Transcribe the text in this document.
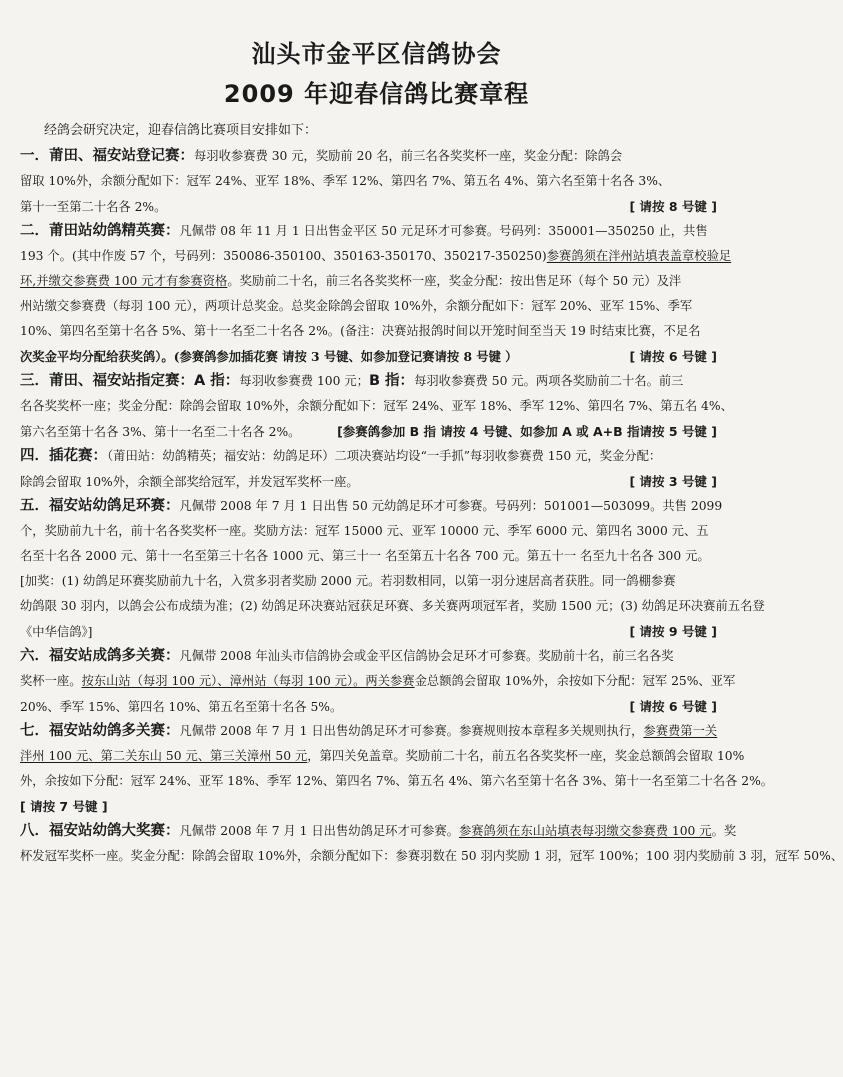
汕头市金平区信鸽协会
2009 年迎春信鸽比赛章程

经鸽会研究决定，迎春信鸽比赛项目安排如下：

一．莆田、福安站登记赛：每羽收参赛费 30 元，奖励前 20 名，前三名各奖奖杯一座，奖金分配：除鸽会
留取 10%外，余额分配如下：冠军 24%、亚军 18%、季军 12%、第四名 7%、第五名 4%、第六名至第十名各 3%、
第十一至第二十名各 2%。	[ 请按 8 号键 ]
二．莆田站幼鸽精英赛：凡佩带 08 年 11 月 1 日出售金平区 50 元足环才可参赛。号码列：350001—350250 止，共售
193 个。(其中作废 57 个，号码列：350086-350100、350163-350170、350217-350250)参赛鸽须在泮州站填表盖章校验足
环,并缴交参赛费 100 元才有参赛资格。奖励前二十名，前三名各奖奖杯一座，奖金分配：按出售足环（每个 50 元）及泮
州站缴交参赛费（每羽 100 元），两项计总奖金。总奖金除鸽会留取 10%外，余额分配如下：冠军 20%、亚军 15%、季军
10%、第四名至第十名各 5%、第十一名至二十名各 2%。(备注：决赛站报鸽时间以开笼时间至当天 19 时结束比赛，不足名
次奖金平均分配给获奖鸽）。(参赛鸽参加插花赛 请按 3 号键、如参加登记赛请按 8 号键 ）	[ 请按 6 号键 ]
三．莆田、福安站指定赛：A 指：每羽收参赛费 100 元；B 指：每羽收参赛费 50 元。两项各奖励前二十名。前三
名各奖奖杯一座；奖金分配：除鸽会留取 10%外，余额分配如下：冠军 24%、亚军 18%、季军 12%、第四名 7%、第五名 4%、
第六名至第十名各 3%、第十一名至二十名各 2%。	[参赛鸽参加 B 指 请按 4 号键、如参加 A 或 A+B 指请按 5 号键 ]
四．插花赛：（莆田站：幼鸽精英；福安站：幼鸽足环）二项决赛站均设“一手抓”每羽收参赛费 150 元，奖金分配：
除鸽会留取 10%外，余额全部奖给冠军，并发冠军奖杯一座。	[ 请按 3 号键 ]
五．福安站幼鸽足环赛：凡佩带 2008 年 7 月 1 日出售 50 元幼鸽足环才可参赛。号码列：501001—503099。共售 2099
个，奖励前九十名，前十名各奖奖杯一座。奖励方法：冠军 15000 元、亚军 10000 元、季军 6000 元、第四名 3000 元、五
名至十名各 2000 元、第十一名至第三十名各 1000 元、第三十一 名至第五十名各 700 元。第五十一 名至九十名各 300 元。
[加奖：(1) 幼鸽足环赛奖励前九十名，入赏多羽者奖励 2000 元。若羽数相同，以第一羽分速居高者获胜。同一鸽棚参赛
幼鸽限 30 羽内，以鸽会公布成绩为准；(2) 幼鸽足环决赛站冠获足环赛、多关赛两项冠军者，奖励 1500 元；(3) 幼鸽足环决赛前五名登
《中华信鸽》]	[ 请按 9 号键 ]
六．福安站成鸽多关赛：凡佩带 2008 年汕头市信鸽协会或金平区信鸽协会足环才可参赛。奖励前十名，前三名各奖
奖杯一座。按东山站（每羽 100 元）、漳州站（每羽 100 元）。两关参赛金总额鸽会留取 10%外，余按如下分配：冠军 25%、亚军
20%、季军 15%、第四名 10%、第五名至第十名各 5%。	[ 请按 6 号键 ]
七．福安站幼鸽多关赛：凡佩带 2008 年 7 月 1 日出售幼鸽足环才可参赛。参赛规则按本章程多关规则执行，参赛费第一关
泮州 100 元、第二关东山 50 元、第三关漳州 50 元，第四关免盖章。奖励前二十名，前五名各奖奖杯一座，奖金总额鸽会留取 10%
外，余按如下分配：冠军 24%、亚军 18%、季军 12%、第四名 7%、第五名 4%、第六名至第十名各 3%、第十一名至第二十名各 2%。
[ 请按 7 号键 ]
八．福安站幼鸽大奖赛：凡佩带 2008 年 7 月 1 日出售幼鸽足环才可参赛。参赛鸽须在东山站填表每羽缴交参赛费 100 元。奖
杯发冠军奖杯一座。奖金分配：除鸽会留取 10%外，余额分配如下：参赛羽数在 50 羽内奖励 1 羽，冠军 100%；100 羽内奖励前 3 羽，冠军 50%、
